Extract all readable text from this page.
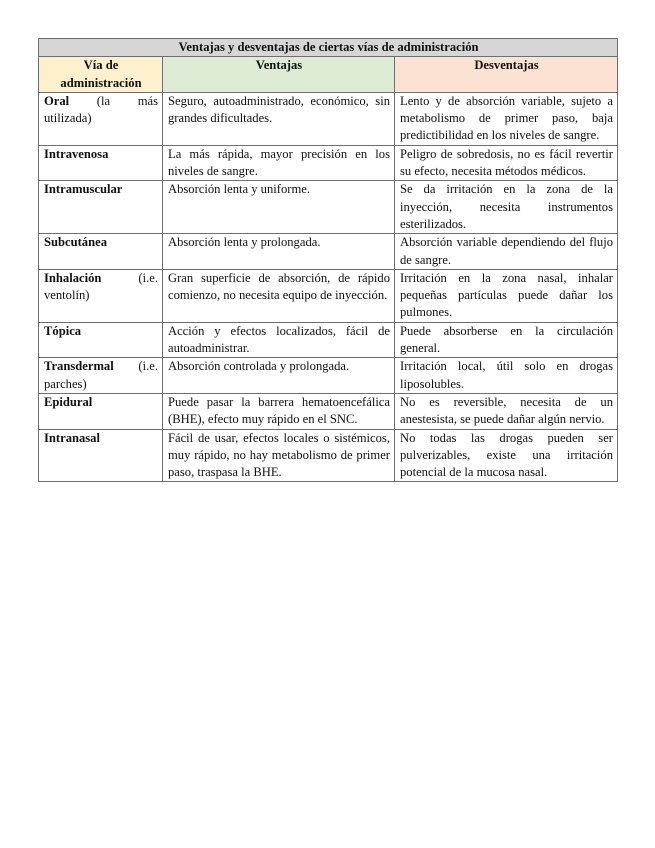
Ventajas y desventajas de ciertas vías de administración		
Vía de administración	Ventajas	Desventajas
Oral (la más utilizada)	Seguro, autoadministrado, económico, sin grandes dificultades.	Lento y de absorción variable, sujeto a metabolismo de primer paso, baja predictibilidad en los niveles de sangre.
Intravenosa	La más rápida, mayor precisión en los niveles de sangre.	Peligro de sobredosis, no es fácil revertir su efecto, necesita métodos médicos.
Intramuscular	Absorción lenta y uniforme.	Se da irritación en la zona de la inyección, necesita instrumentos esterilizados.
Subcutánea	Absorción lenta y prolongada.	Absorción variable dependiendo del flujo de sangre.
Inhalación (i.e. ventolín)	Gran superficie de absorción, de rápido comienzo, no necesita equipo de inyección.	Irritación en la zona nasal, inhalar pequeñas partículas puede dañar los pulmones.
Tópica	Acción y efectos localizados, fácil de autoadministrar.	Puede absorberse en la circulación general.
Transdermal (i.e. parches)	Absorción controlada y prolongada.	Irritación local, útil solo en drogas liposolubles.
Epidural	Puede pasar la barrera hematoencefálica (BHE), efecto muy rápido en el SNC.	No es reversible, necesita de un anestesista, se puede dañar algún nervio.
Intranasal	Fácil de usar, efectos locales o sistémicos, muy rápido, no hay metabolismo de primer paso, traspasa la BHE.	No todas las drogas pueden ser pulverizables, existe una irritación potencial de la mucosa nasal.
